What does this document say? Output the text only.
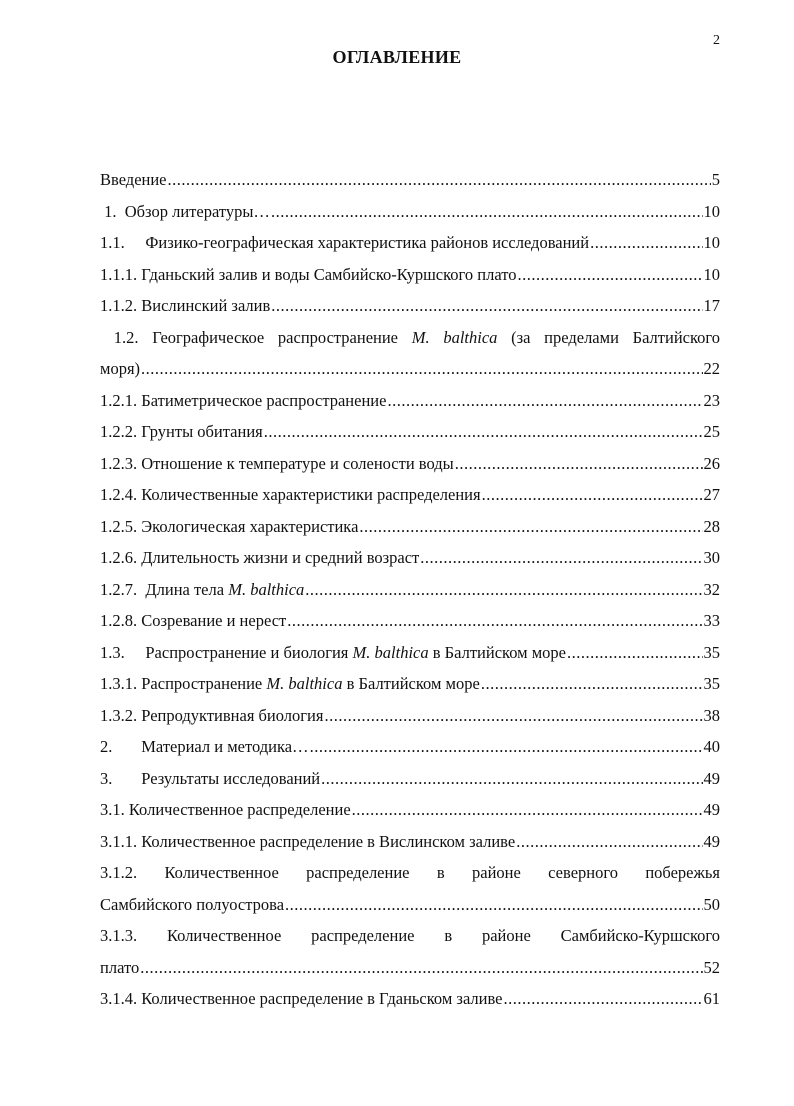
2
ОГЛАВЛЕНИЕ
Введение .....	5
1. Обзор литературы… .....	10
1.1. Физико-географическая характеристика районов исследований .....	10
1.1.1. Гданьский залив и воды Самбийско-Куршского плато .....	10
1.1.2. Вислинский залив .....	17
1.2. Географическое распространение M. balthica (за пределами Балтийского
моря) .....	22
1.2.1. Батиметрическое распространение .....	23
1.2.2. Грунты обитания .....	25
1.2.3. Отношение к температуре и солености воды .....	26
1.2.4. Количественные характеристики распределения .....	27
1.2.5. Экологическая характеристика .....	28
1.2.6. Длительность жизни и средний возраст .....	30
1.2.7. Длина тела M. balthica .....	32
1.2.8. Созревание и нерест .....	33
1.3. Распространение и биология M. balthica в Балтийском море .....	35
1.3.1. Распространение M. balthica в Балтийском море .....	35
1.3.2. Репродуктивная биология .....	38
2. Материал и методика… .....	40
3. Результаты исследований .....	49
3.1. Количественное распределение .....	49
3.1.1. Количественное распределение в Вислинском заливе .....	49
3.1.2. Количественное распределение в районе северного побережья
Самбийского полуострова .....	50
3.1.3. Количественное распределение в районе Самбийско-Куршского
плато .....	52
3.1.4. Количественное распределение в Гданьском заливе .....	61
